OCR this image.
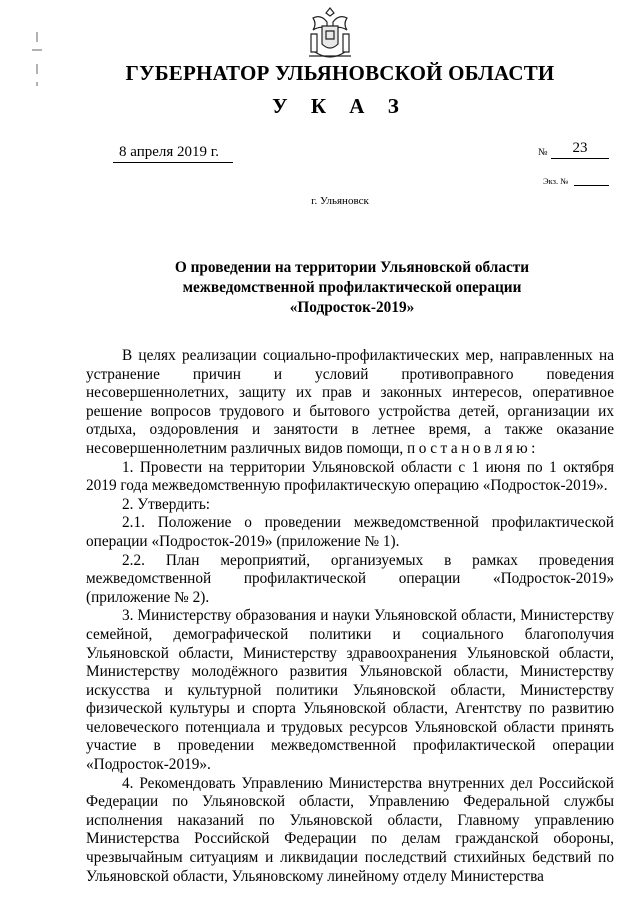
ГУБЕРНАТОР УЛЬЯНОВСКОЙ ОБЛАСТИ
У К А З
8 апреля 2019 г.	№	23
Экз. №
г. Ульяновск
О проведении на территории Ульяновской области
межведомственной профилактической операции
«Подросток-2019»

В целях реализации социально-профилактических мер, направленных на устранение причин и условий противоправного поведения несовершеннолетних, защиту их прав и законных интересов, оперативное решение вопросов трудового и бытового устройства детей, организации их отдыха, оздоровления и занятости в летнее время, а также оказание несовершеннолетним различных видов помощи, постановляю:

1. Провести на территории Ульяновской области с 1 июня по 1 октября 2019 года межведомственную профилактическую операцию «Подросток-2019».

2. Утвердить:

2.1. Положение о проведении межведомственной профилактической операции «Подросток-2019» (приложение № 1).

2.2. План мероприятий, организуемых в рамках проведения межведомственной профилактической операции «Подросток-2019» (приложение № 2).

3. Министерству образования и науки Ульяновской области, Министерству семейной, демографической политики и социального благополучия Ульяновской области, Министерству здравоохранения Ульяновской области, Министерству молодёжного развития Ульяновской области, Министерству искусства и культурной политики Ульяновской области, Министерству физической культуры и спорта Ульяновской области, Агентству по развитию человеческого потенциала и трудовых ресурсов Ульяновской области принять участие в проведении межведомственной профилактической операции «Подросток-2019».

4. Рекомендовать Управлению Министерства внутренних дел Российской Федерации по Ульяновской области, Управлению Федеральной службы исполнения наказаний по Ульяновской области, Главному управлению Министерства Российской Федерации по делам гражданской обороны, чрезвычайным ситуациям и ликвидации последствий стихийных бедствий по Ульяновской области, Ульяновскому линейному отделу Министерства
